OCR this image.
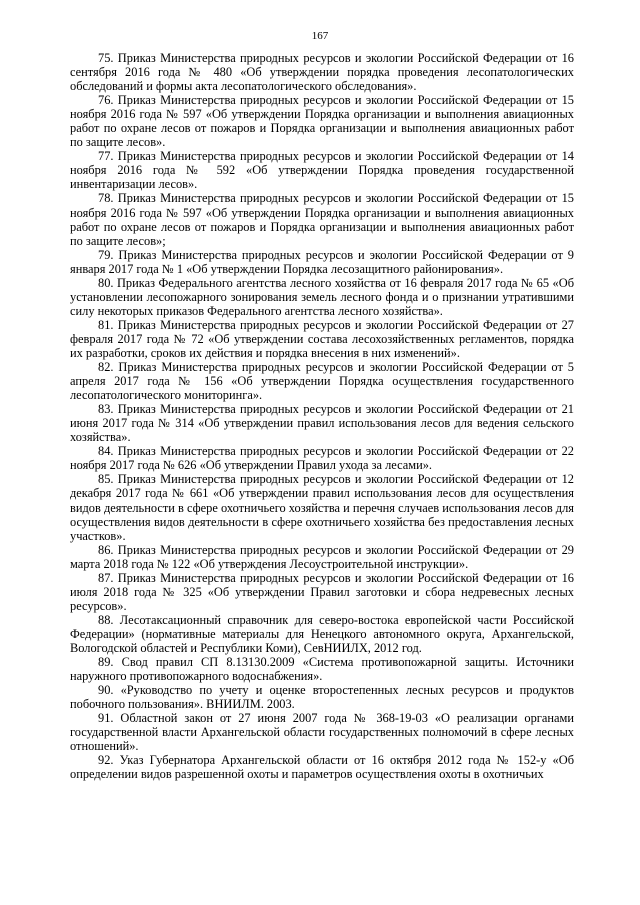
167

75. Приказ Министерства природных ресурсов и экологии Российской Федерации от 16 сентября 2016 года № 480 «Об утверждении порядка проведения лесопатологических обследований и формы акта лесопатологического обследования».

76. Приказ Министерства природных ресурсов и экологии Российской Федерации от 15 ноября 2016 года № 597 «Об утверждении Порядка организации и выполнения авиационных работ по охране лесов от пожаров и Порядка организации и выполнения авиационных работ по защите лесов».

77. Приказ Министерства природных ресурсов и экологии Российской Федерации от 14 ноября 2016 года № 592 «Об утверждении Порядка проведения государственной инвентаризации лесов».

78. Приказ Министерства природных ресурсов и экологии Российской Федерации от 15 ноября 2016 года № 597 «Об утверждении Порядка организации и выполнения авиационных работ по охране лесов от пожаров и Порядка организации и выполнения авиационных работ по защите лесов»;

79. Приказ Министерства природных ресурсов и экологии Российской Федерации от 9 января 2017 года № 1 «Об утверждении Порядка лесозащитного районирования».

80. Приказ Федерального агентства лесного хозяйства от 16 февраля 2017 года № 65 «Об установлении лесопожарного зонирования земель лесного фонда и о признании утратившими силу некоторых приказов Федерального агентства лесного хозяйства».

81. Приказ Министерства природных ресурсов и экологии Российской Федерации от 27 февраля 2017 года № 72 «Об утверждении состава лесохозяйственных регламентов, порядка их разработки, сроков их действия и порядка внесения в них изменений».

82. Приказ Министерства природных ресурсов и экологии Российской Федерации от 5 апреля 2017 года № 156 «Об утверждении Порядка осуществления государственного лесопатологического мониторинга».

83. Приказ Министерства природных ресурсов и экологии Российской Федерации от 21 июня 2017 года № 314 «Об утверждении правил использования лесов для ведения сельского хозяйства».

84. Приказ Министерства природных ресурсов и экологии Российской Федерации от 22 ноября 2017 года № 626 «Об утверждении Правил ухода за лесами».

85. Приказ Министерства природных ресурсов и экологии Российской Федерации от 12 декабря 2017 года № 661 «Об утверждении правил использования лесов для осуществления видов деятельности в сфере охотничьего хозяйства и перечня случаев использования лесов для осуществления видов деятельности в сфере охотничьего хозяйства без предоставления лесных участков».

86. Приказ Министерства природных ресурсов и экологии Российской Федерации от 29 марта 2018 года № 122 «Об утверждения Лесоустроительной инструкции».

87. Приказ Министерства природных ресурсов и экологии Российской Федерации от 16 июля 2018 года № 325 «Об утверждении Правил заготовки и сбора недревесных лесных ресурсов».

88. Лесотаксационный справочник для северо-востока европейской части Российской Федерации» (нормативные материалы для Ненецкого автономного округа, Архангельской, Вологодской областей и Республики Коми), СевНИИЛХ, 2012 год.

89. Свод правил СП 8.13130.2009 «Система противопожарной защиты. Источники наружного противопожарного водоснабжения».

90. «Руководство по учету и оценке второстепенных лесных ресурсов и продуктов побочного пользования». ВНИИЛМ. 2003.

91. Областной закон от 27 июня 2007 года № 368-19-03 «О реализации органами государственной власти Архангельской области государственных полномочий в сфере лесных отношений».

92. Указ Губернатора Архангельской области от 16 октября 2012 года № 152-у «Об определении видов разрешенной охоты и параметров осуществления охоты в охотничьих
